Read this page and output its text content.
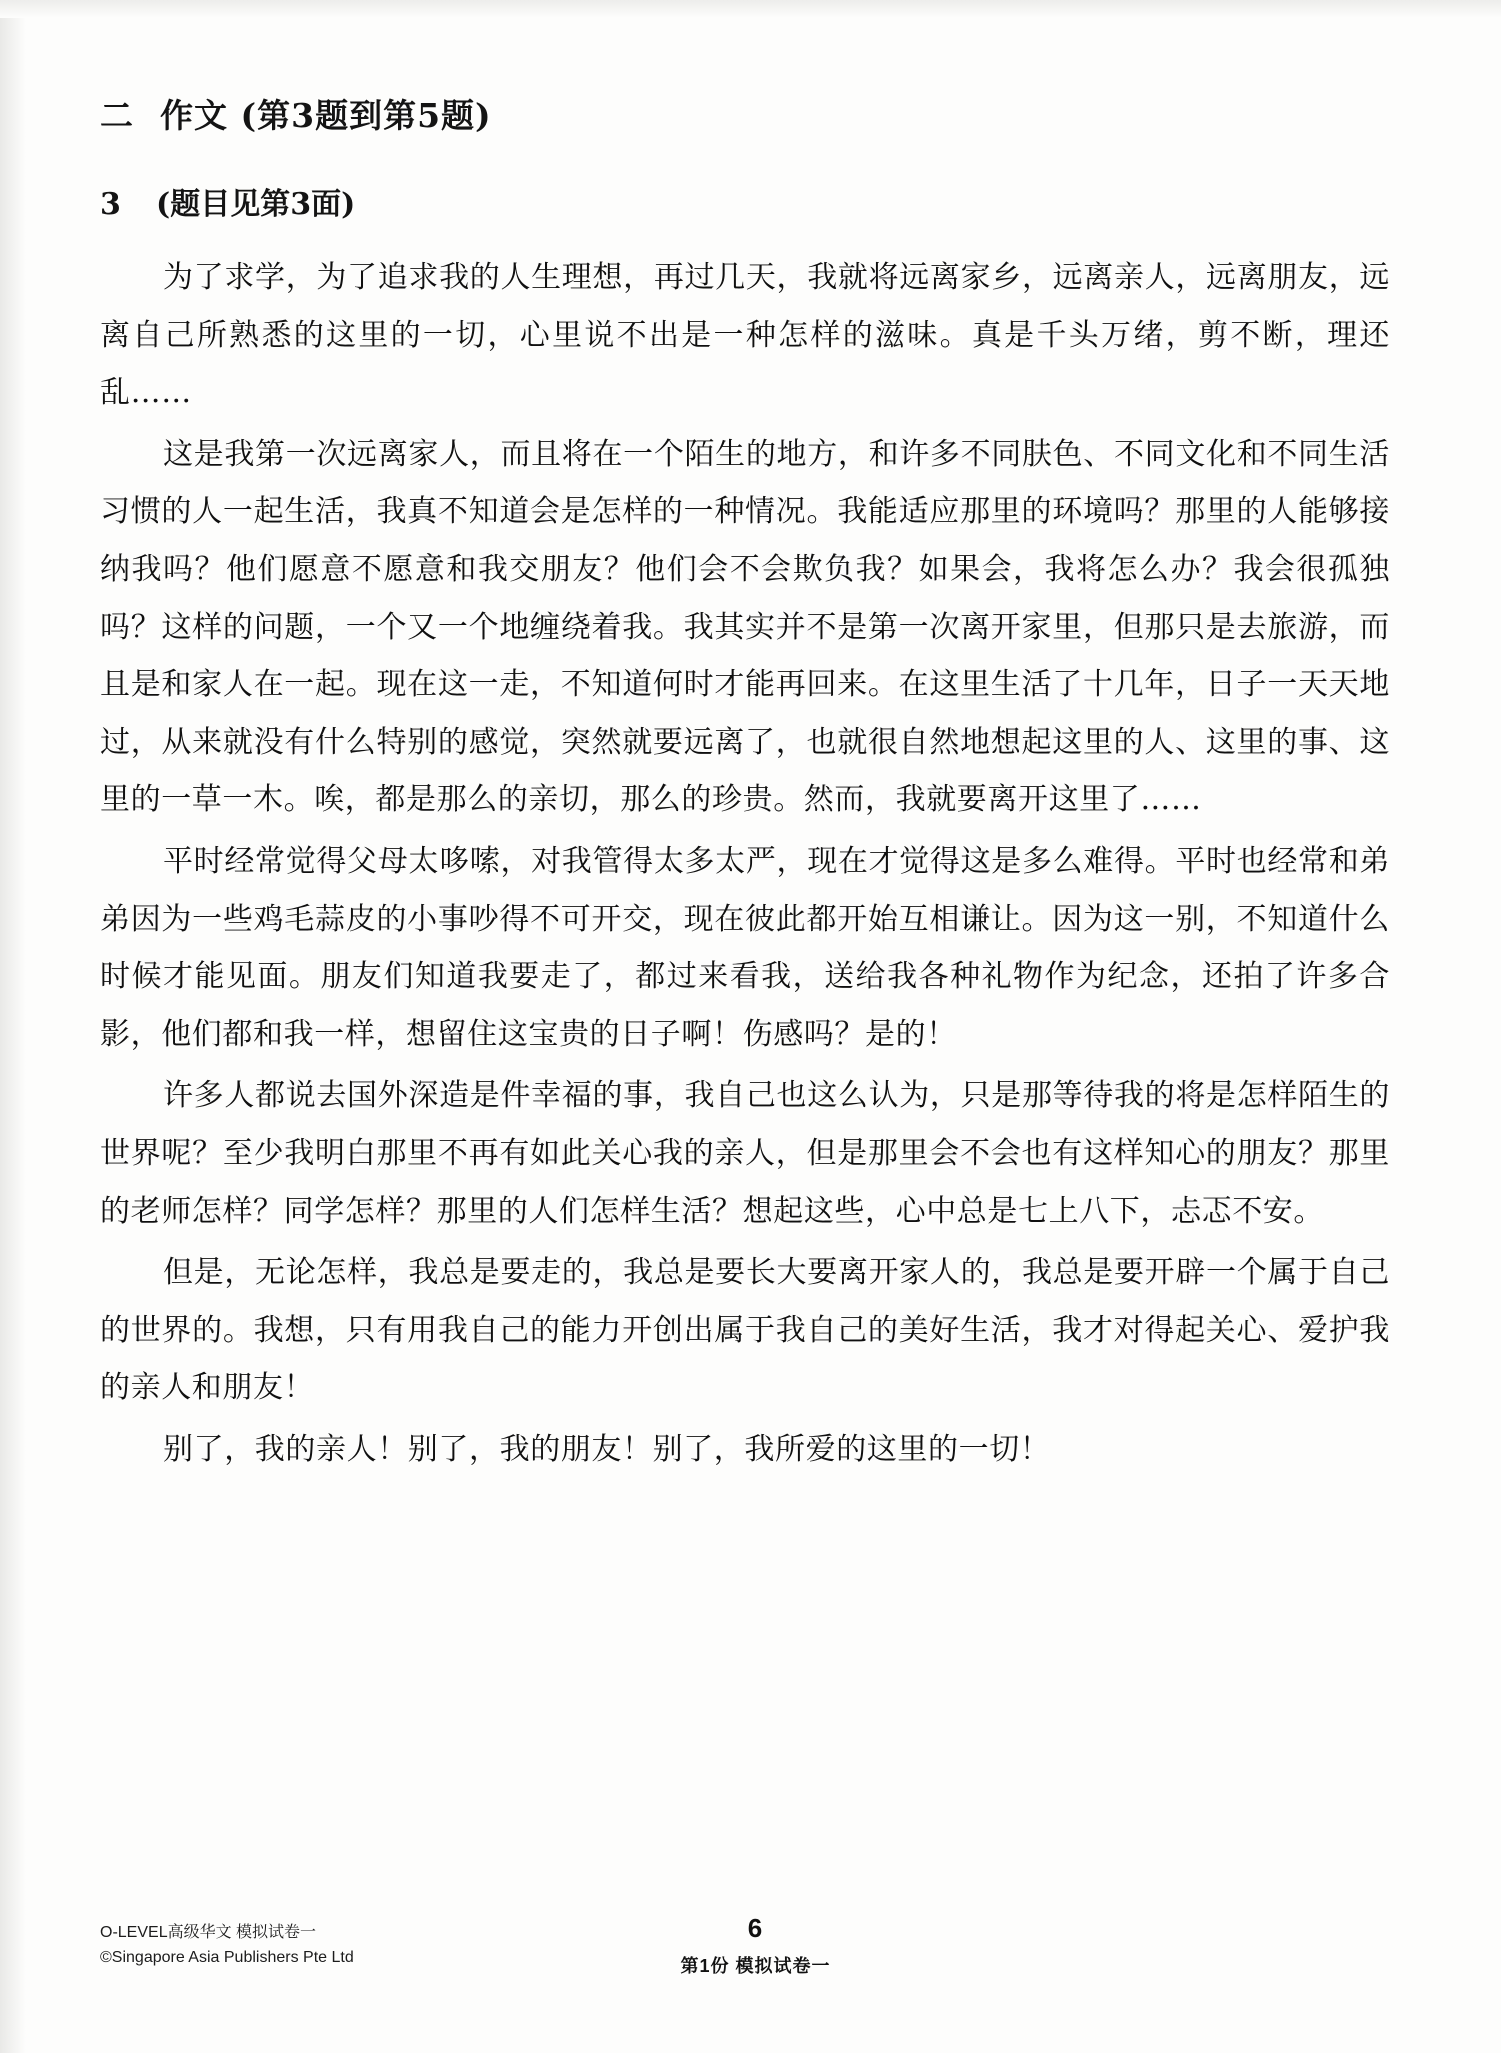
二 作文 (第3题到第5题)
3	(题目见第3面)

为了求学，为了追求我的人生理想，再过几天，我就将远离家乡，远离亲人，远离朋友，远离自己所熟悉的这里的一切，心里说不出是一种怎样的滋味。真是千头万绪，剪不断，理还乱……

这是我第一次远离家人，而且将在一个陌生的地方，和许多不同肤色、不同文化和不同生活习惯的人一起生活，我真不知道会是怎样的一种情况。我能适应那里的环境吗？那里的人能够接纳我吗？他们愿意不愿意和我交朋友？他们会不会欺负我？如果会，我将怎么办？我会很孤独吗？这样的问题，一个又一个地缠绕着我。我其实并不是第一次离开家里，但那只是去旅游，而且是和家人在一起。现在这一走，不知道何时才能再回来。在这里生活了十几年，日子一天天地过，从来就没有什么特别的感觉，突然就要远离了，也就很自然地想起这里的人、这里的事、这里的一草一木。唉，都是那么的亲切，那么的珍贵。然而，我就要离开这里了……

平时经常觉得父母太哆嗦，对我管得太多太严，现在才觉得这是多么难得。平时也经常和弟弟因为一些鸡毛蒜皮的小事吵得不可开交，现在彼此都开始互相谦让。因为这一别，不知道什么时候才能见面。朋友们知道我要走了，都过来看我，送给我各种礼物作为纪念，还拍了许多合影，他们都和我一样，想留住这宝贵的日子啊！伤感吗？是的！

许多人都说去国外深造是件幸福的事，我自己也这么认为，只是那等待我的将是怎样陌生的世界呢？至少我明白那里不再有如此关心我的亲人，但是那里会不会也有这样知心的朋友？那里的老师怎样？同学怎样？那里的人们怎样生活？想起这些，心中总是七上八下，忐忑不安。

但是，无论怎样，我总是要走的，我总是要长大要离开家人的，我总是要开辟一个属于自己的世界的。我想，只有用我自己的能力开创出属于我自己的美好生活，我才对得起关心、爱护我的亲人和朋友！

别了，我的亲人！别了，我的朋友！别了，我所爱的这里的一切！

O-LEVEL高级华文 模拟试卷一
©Singapore Asia Publishers Pte Ltd
6
第1份 模拟试卷一
